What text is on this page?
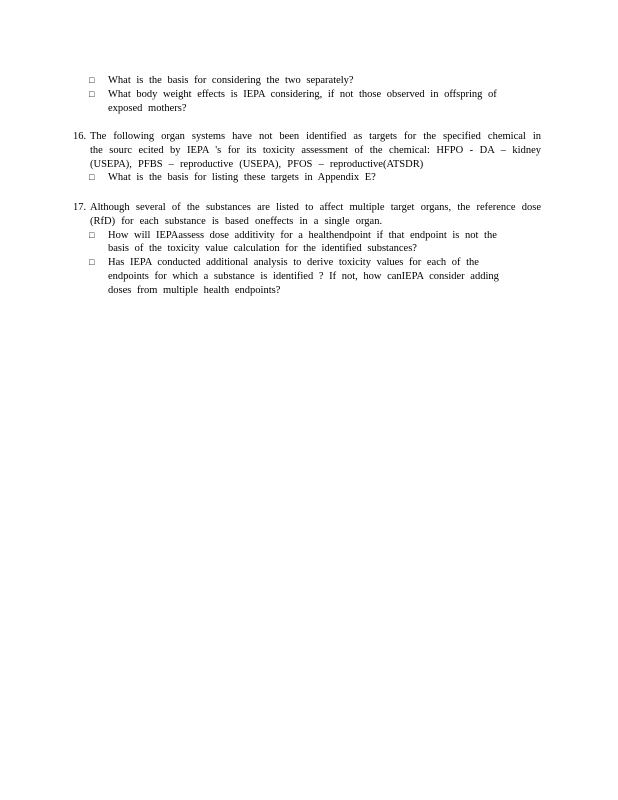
□	What is the basis for considering the two separately?
□	What body weight effects is IEPA considering, if not those observed in offspring of exposed mothers?
16. The following organ systems have not been identified as targets for the specified chemical in the sourc ecited by IEPA 's for its toxicity assessment of the chemical: HFPO - DA – kidney (USEPA), PFBS – reproductive (USEPA), PFOS – reproductive(ATSDR)
□	What is the basis for listing these targets in Appendix E?
17. Although several of the substances are listed to affect multiple target organs, the reference dose (RfD) for each substance is based oneffects in a single organ.
□	How will IEPAassess dose additivity for a healthendpoint if that endpoint is not the basis of the toxicity value calculation for the identified substances?
□	Has IEPA conducted additional analysis to derive toxicity values for each of the endpoints for which a substance is identified ? If not, how canIEPA consider adding doses from multiple health endpoints?
